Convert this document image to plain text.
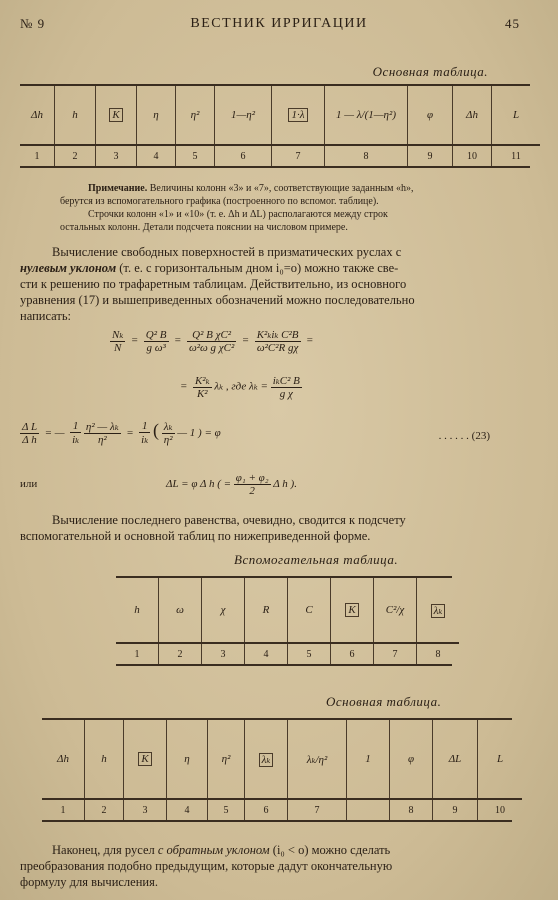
№ 9	ВЕСТНИК ИРРИГАЦИИ	45
Основная таблица.
Δh	h	K	η	η²	1—η²	1·λ	1 — λ/(1—η²)	φ	Δh	L
1	2	3	4	5	6	7	8	9	10	11
Примечание. Величины колонн «3» и «7», соответствующие заданным «h»,
берутся из вспомогательного графика (построенного по вспомог. таблице).
Строчки колонн «1» и «10» (т. е. Δh и ΔL) располагаются между строк
остальных колонн. Детали подсчета пояснии на числовом примере.
Вычисление свободных поверхностей в призматических руслах с
нулевым уклоном (т. е. с горизонтальным дном i₀=o) можно также све-
сти к решению по трафаретным таблицам. Действительно, из основного
уравнения (17) и вышеприведенных обозначений можно последовательно
написать:
$\frac{\text{Nₖ}}{N} = \frac{\text{Q² B}}{\text{g ω³}} = \frac{\text{Q² B χC²}}{\text{ω²ω g χC²}} = \frac{\text{K²ₖiₖ C²B}}{\text{ω²C²R gχ}}$ =
= $\frac{\text{K²ₖ}}{\text{K²}}$ λₖ , где $\lambda_k = \frac{\text{iₖC² B}}{\text{g χ}}$
$\frac{\text{Δ L}}{\text{Δ h}}$ = — $\frac{1}{\text{iₖ}}$
$\frac{\text{η² — λₖ}}{\text{η²}} = \frac{1}{\text{iₖ}}$ ( $\frac{\text{λₖ}}{\text{η²}}$ — 1 ) = φ	. . . . . . (23)
или	ΔL = φ Δ h ( = $\frac{\text{φ₁ + φ₂}}{2}$ Δ h ).
Вычисление последнего равенства, очевидно, сводится к подсчету
вспомогательной и основной таблиц по нижеприведенной форме.
Вспомогательная таблица.
h	ω	χ	R	C	K	C²/χ	λₖ
1	2	3	4	5	6	7	8
Основная таблица.
Δh	h	K	η	η²	λₖ	λₖ/η²	1	φ	ΔL	L
1	2	3	4	5	6	7		8	9	10
Наконец, для русел с обратным уклоном (i₀ < o) можно сделать
преобразования подобно предыдущим, которые дадут окончательную
формулу для вычисления.
